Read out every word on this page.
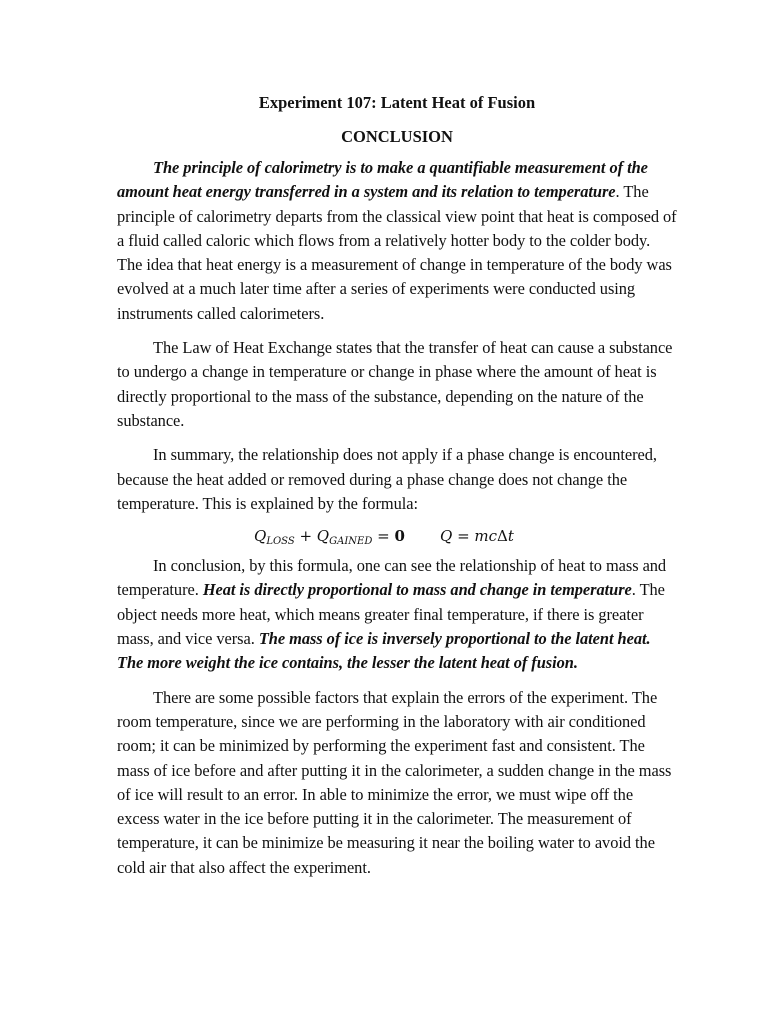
Experiment 107: Latent Heat of Fusion
CONCLUSION

The principle of calorimetry is to make a quantifiable measurement of the amount heat energy transferred in a system and its relation to temperature. The principle of calorimetry departs from the classical view point that heat is composed of a fluid called caloric which flows from a relatively hotter body to the colder body. The idea that heat energy is a measurement of change in temperature of the body was evolved at a much later time after a series of experiments were conducted using instruments called calorimeters.

The Law of Heat Exchange states that the transfer of heat can cause a substance to undergo a change in temperature or change in phase where the amount of heat is directly proportional to the mass of the substance, depending on the nature of the substance.

In summary, the relationship does not apply if a phase change is encountered, because the heat added or removed during a phase change does not change the temperature. This is explained by the formula:

$Q_{LOSS} + Q_{GAINED} = 0$ Q = mcΔt

In conclusion, by this formula, one can see the relationship of heat to mass and temperature. Heat is directly proportional to mass and change in temperature. The object needs more heat, which means greater final temperature, if there is greater mass, and vice versa. The mass of ice is inversely proportional to the latent heat. The more weight the ice contains, the lesser the latent heat of fusion.

There are some possible factors that explain the errors of the experiment. The room temperature, since we are performing in the laboratory with air conditioned room; it can be minimized by performing the experiment fast and consistent. The mass of ice before and after putting it in the calorimeter, a sudden change in the mass of ice will result to an error. In able to minimize the error, we must wipe off the excess water in the ice before putting it in the calorimeter. The measurement of temperature, it can be minimize be measuring it near the boiling water to avoid the cold air that also affect the experiment.
